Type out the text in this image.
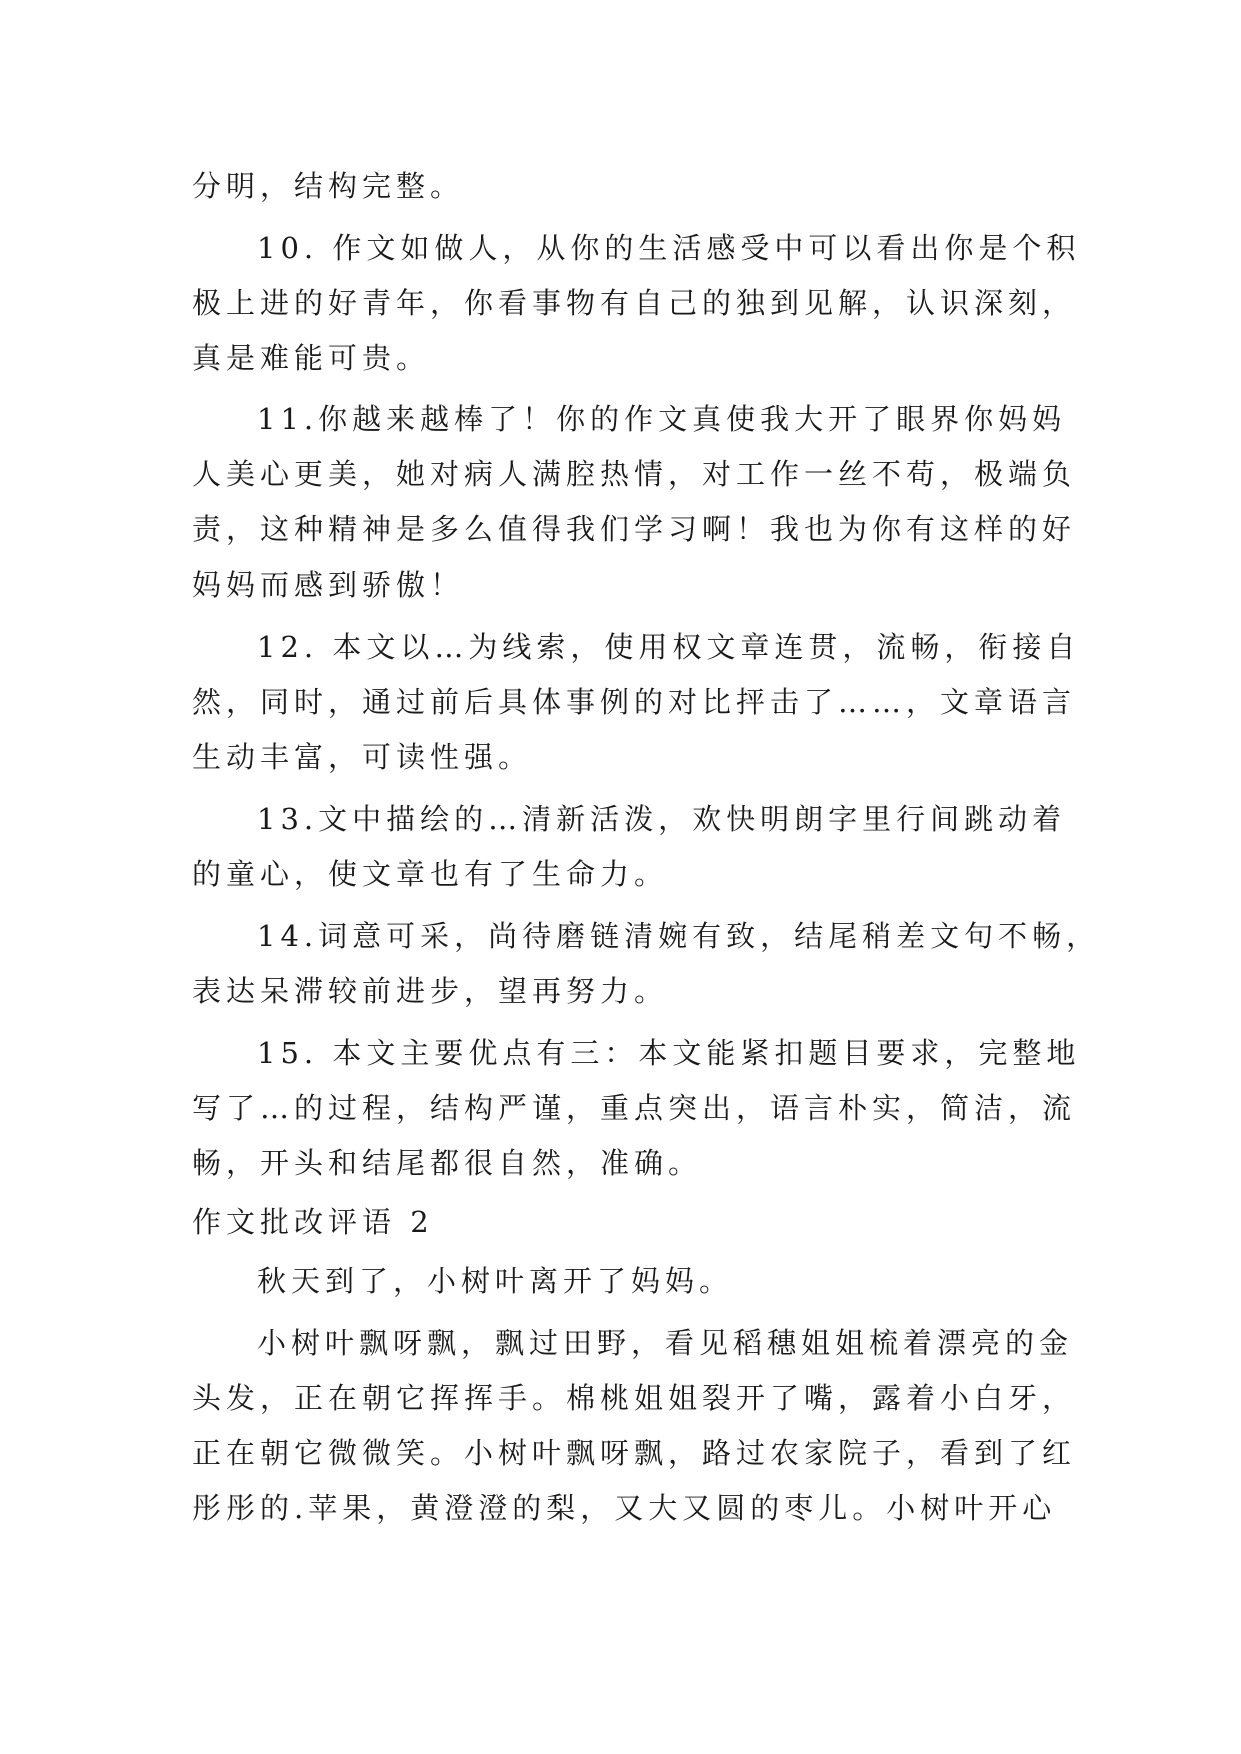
分明，结构完整。

10. 作文如做人，从你的生活感受中可以看出你是个积

极上进的好青年，你看事物有自己的独到见解，认识深刻，

真是难能可贵。

11.你越来越棒了！你的作文真使我大开了眼界你妈妈

人美心更美，她对病人满腔热情，对工作一丝不苟，极端负

责，这种精神是多么值得我们学习啊！我也为你有这样的好

妈妈而感到骄傲！

12. 本文以…为线索，使用权文章连贯，流畅，衔接自

然，同时，通过前后具体事例的对比抨击了……，文章语言

生动丰富，可读性强。

13.文中描绘的…清新活泼，欢快明朗字里行间跳动着

的童心，使文章也有了生命力。

14.词意可采，尚待磨链清婉有致，结尾稍差文句不畅，

表达呆滞较前进步，望再努力。

15. 本文主要优点有三：本文能紧扣题目要求，完整地

写了…的过程，结构严谨，重点突出，语言朴实，简洁，流

畅，开头和结尾都很自然，准确。

作文批改评语 2

秋天到了，小树叶离开了妈妈。

小树叶飘呀飘，飘过田野，看见稻穗姐姐梳着漂亮的金

头发，正在朝它挥挥手。棉桃姐姐裂开了嘴，露着小白牙，

正在朝它微微笑。小树叶飘呀飘，路过农家院子，看到了红

彤彤的.苹果，黄澄澄的梨，又大又圆的枣儿。小树叶开心
